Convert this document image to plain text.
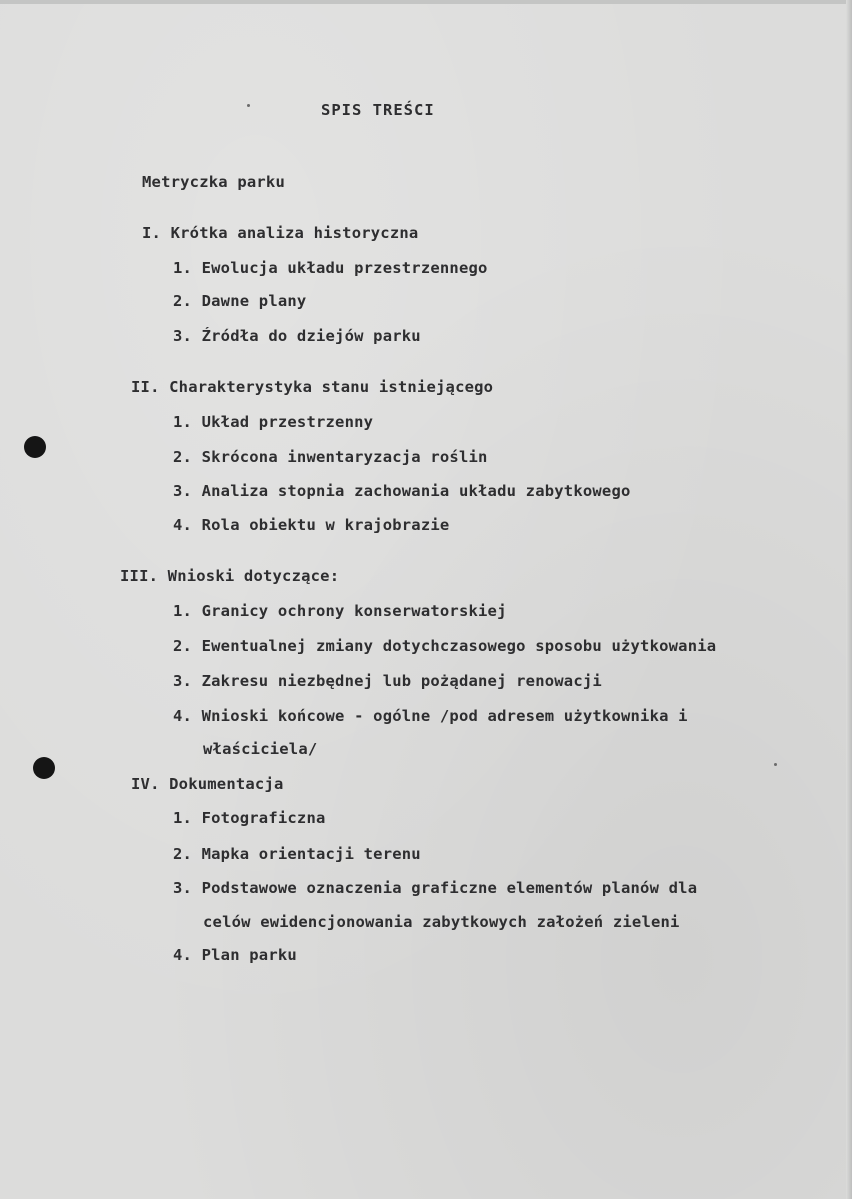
SPIS TREŚCI
Metryczka parku
I. Krótka analiza historyczna
1. Ewolucja układu przestrzennego
2. Dawne plany
3. Źródła do dziejów parku
II. Charakterystyka stanu istniejącego
1. Układ przestrzenny
2. Skrócona inwentaryzacja roślin
3. Analiza stopnia zachowania układu zabytkowego
4. Rola obiektu w krajobrazie
III. Wnioski dotyczące:
1. Granicy ochrony konserwatorskiej
2. Ewentualnej zmiany dotychczasowego sposobu użytkowania
3. Zakresu niezbędnej lub pożądanej renowacji
4. Wnioski końcowe - ogólne /pod adresem użytkownika i
właściciela/
IV. Dokumentacja
1. Fotograficzna
2. Mapka orientacji terenu
3. Podstawowe oznaczenia graficzne elementów planów dla
celów ewidencjonowania zabytkowych założeń zieleni
4. Plan parku
